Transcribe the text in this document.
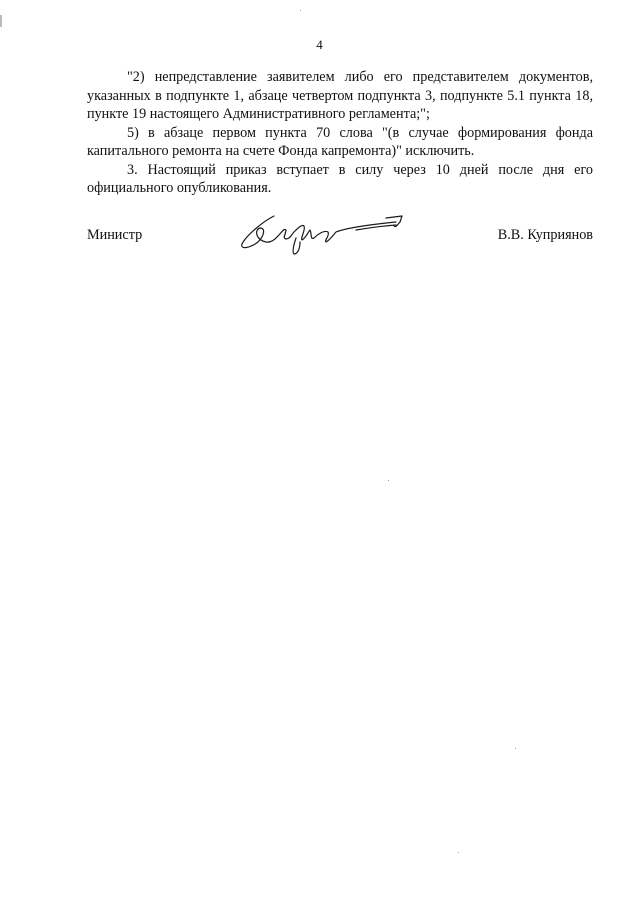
4

"2) непредставление заявителем либо его представителем документов, указанных в подпункте 1, абзаце четвертом подпункта 3, подпункте 5.1 пункта 18, пункте 19 настоящего Административного регламента;";

5) в абзаце первом пункта 70 слова "(в случае формирования фонда капитального ремонта на счете Фонда капремонта)" исключить.

3. Настоящий приказ вступает в силу через 10 дней после дня его официального опубликования.

Министр	В.В. Куприянов
